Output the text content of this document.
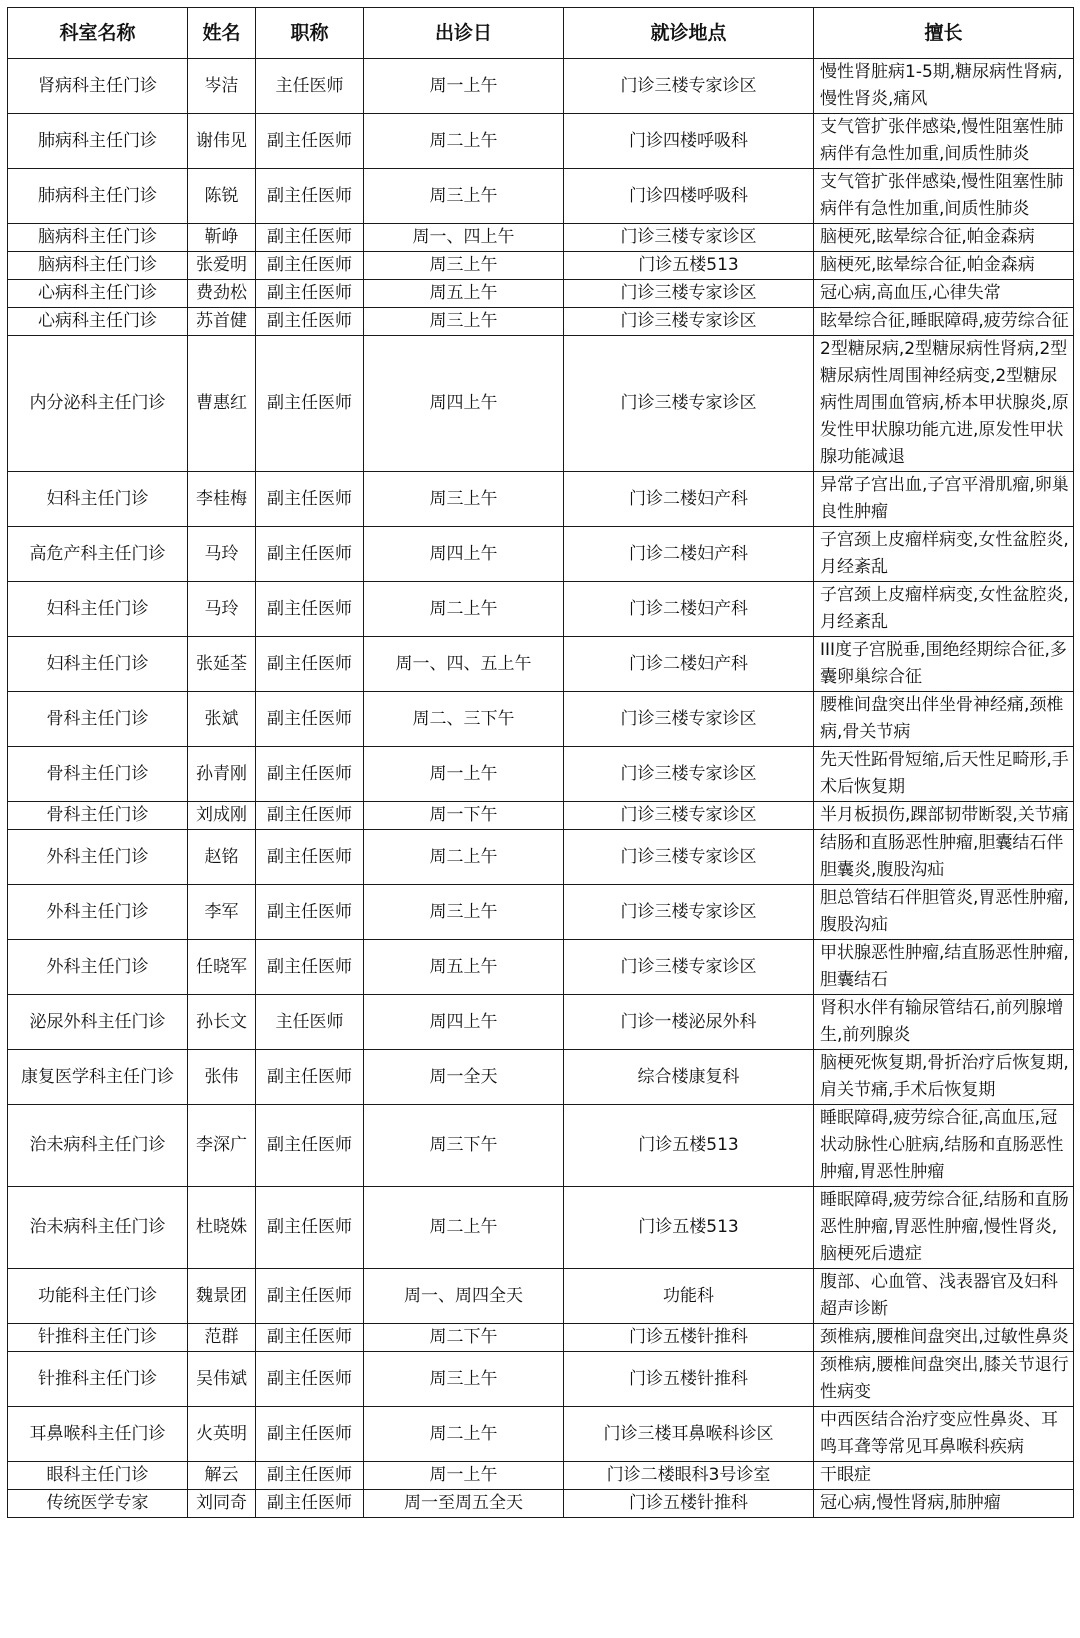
科室名称	姓名	职称	出诊日	就诊地点	擅长
肾病科主任门诊	岑洁	主任医师	周一上午	门诊三楼专家诊区	慢性肾脏病1-5期,糖尿病性肾病,慢性肾炎,痛风
肺病科主任门诊	谢伟见	副主任医师	周二上午	门诊四楼呼吸科	支气管扩张伴感染,慢性阻塞性肺病伴有急性加重,间质性肺炎
肺病科主任门诊	陈锐	副主任医师	周三上午	门诊四楼呼吸科	支气管扩张伴感染,慢性阻塞性肺病伴有急性加重,间质性肺炎
脑病科主任门诊	靳峥	副主任医师	周一、四上午	门诊三楼专家诊区	脑梗死,眩晕综合征,帕金森病
脑病科主任门诊	张爱明	副主任医师	周三上午	门诊五楼513	脑梗死,眩晕综合征,帕金森病
心病科主任门诊	费劲松	副主任医师	周五上午	门诊三楼专家诊区	冠心病,高血压,心律失常
心病科主任门诊	苏首健	副主任医师	周三上午	门诊三楼专家诊区	眩晕综合征,睡眠障碍,疲劳综合征
内分泌科主任门诊	曹惠红	副主任医师	周四上午	门诊三楼专家诊区	2型糖尿病,2型糖尿病性肾病,2型糖尿病性周围神经病变,2型糖尿病性周围血管病,桥本甲状腺炎,原发性甲状腺功能亢进,原发性甲状腺功能减退
妇科主任门诊	李桂梅	副主任医师	周三上午	门诊二楼妇产科	异常子宫出血,子宫平滑肌瘤,卵巢良性肿瘤
高危产科主任门诊	马玲	副主任医师	周四上午	门诊二楼妇产科	子宫颈上皮瘤样病变,女性盆腔炎,月经紊乱
妇科主任门诊	马玲	副主任医师	周二上午	门诊二楼妇产科	子宫颈上皮瘤样病变,女性盆腔炎,月经紊乱
妇科主任门诊	张延荃	副主任医师	周一、四、五上午	门诊二楼妇产科	III度子宫脱垂,围绝经期综合征,多囊卵巢综合征
骨科主任门诊	张斌	副主任医师	周二、三下午	门诊三楼专家诊区	腰椎间盘突出伴坐骨神经痛,颈椎病,骨关节病
骨科主任门诊	孙青刚	副主任医师	周一上午	门诊三楼专家诊区	先天性跖骨短缩,后天性足畸形,手术后恢复期
骨科主任门诊	刘成刚	副主任医师	周一下午	门诊三楼专家诊区	半月板损伤,踝部韧带断裂,关节痛
外科主任门诊	赵铭	副主任医师	周二上午	门诊三楼专家诊区	结肠和直肠恶性肿瘤,胆囊结石伴胆囊炎,腹股沟疝
外科主任门诊	李军	副主任医师	周三上午	门诊三楼专家诊区	胆总管结石伴胆管炎,胃恶性肿瘤,腹股沟疝
外科主任门诊	任晓军	副主任医师	周五上午	门诊三楼专家诊区	甲状腺恶性肿瘤,结直肠恶性肿瘤,胆囊结石
泌尿外科主任门诊	孙长文	主任医师	周四上午	门诊一楼泌尿外科	肾积水伴有输尿管结石,前列腺增生,前列腺炎
康复医学科主任门诊	张伟	副主任医师	周一全天	综合楼康复科	脑梗死恢复期,骨折治疗后恢复期,肩关节痛,手术后恢复期
治未病科主任门诊	李深广	副主任医师	周三下午	门诊五楼513	睡眠障碍,疲劳综合征,高血压,冠状动脉性心脏病,结肠和直肠恶性肿瘤,胃恶性肿瘤
治未病科主任门诊	杜晓姝	副主任医师	周二上午	门诊五楼513	睡眠障碍,疲劳综合征,结肠和直肠恶性肿瘤,胃恶性肿瘤,慢性肾炎,脑梗死后遗症
功能科主任门诊	魏景团	副主任医师	周一、周四全天	功能科	腹部、心血管、浅表器官及妇科超声诊断
针推科主任门诊	范群	副主任医师	周二下午	门诊五楼针推科	颈椎病,腰椎间盘突出,过敏性鼻炎
针推科主任门诊	吴伟斌	副主任医师	周三上午	门诊五楼针推科	颈椎病,腰椎间盘突出,膝关节退行性病变
耳鼻喉科主任门诊	火英明	副主任医师	周二上午	门诊三楼耳鼻喉科诊区	中西医结合治疗变应性鼻炎、耳鸣耳聋等常见耳鼻喉科疾病
眼科主任门诊	解云	副主任医师	周一上午	门诊二楼眼科3号诊室	干眼症
传统医学专家	刘同奇	副主任医师	周一至周五全天	门诊五楼针推科	冠心病,慢性肾病,肺肿瘤
